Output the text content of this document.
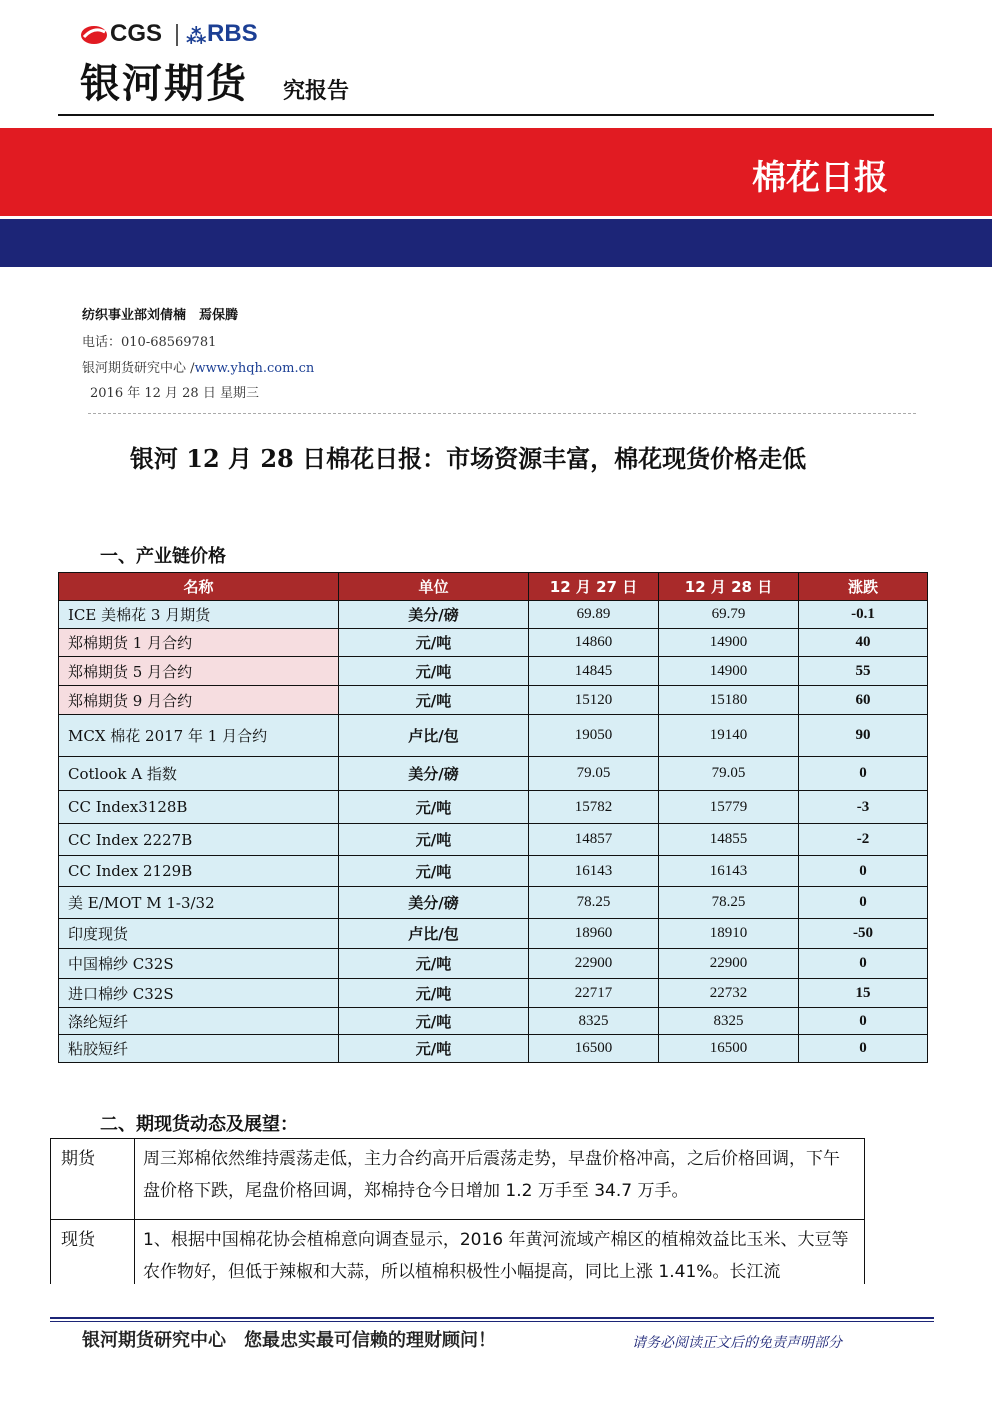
CGS ⁂ RBS
银河期货 究报告
棉花日报
纺织事业部刘倩楠　焉保腾
电话：010-68569781
银河期货研究中心 /www.yhqh.com.cn
2016 年 12 月 28 日 星期三
银河 12 月 28 日棉花日报：市场资源丰富，棉花现货价格走低
一、产业链价格
名称	单位	12 月 27 日	12 月 28 日	涨跌
ICE 美棉花 3 月期货	美分/磅	69.89	69.79	-0.1
郑棉期货 1 月合约	元/吨	14860	14900	40
郑棉期货 5 月合约	元/吨	14845	14900	55
郑棉期货 9 月合约	元/吨	15120	15180	60
MCX 棉花 2017 年 1 月合约	卢比/包	19050	19140	90
Cotlook A 指数	美分/磅	79.05	79.05	0
CC Index3128B	元/吨	15782	15779	-3
CC Index 2227B	元/吨	14857	14855	-2
CC Index 2129B	元/吨	16143	16143	0
美 E/MOT M 1-3/32	美分/磅	78.25	78.25	0
印度现货	卢比/包	18960	18910	-50
中国棉纱 C32S	元/吨	22900	22900	0
进口棉纱 C32S	元/吨	22717	22732	15
涤纶短纤	元/吨	8325	8325	0
粘胶短纤	元/吨	16500	16500	0
二、期现货动态及展望：
期货	周三郑棉依然维持震荡走低，主力合约高开后震荡走势，早盘价格冲高，之后价格回调，下午盘价格下跌，尾盘价格回调，郑棉持仓今日增加 1.2 万手至 34.7 万手。
现货	1、根据中国棉花协会植棉意向调查显示，2016 年黄河流域产棉区的植棉效益比玉米、大豆等农作物好，但低于辣椒和大蒜，所以植棉积极性小幅提高，同比上涨 1.41%。长江流
银河期货研究中心　您最忠实最可信赖的理财顾问！	请务必阅读正文后的免责声明部分
